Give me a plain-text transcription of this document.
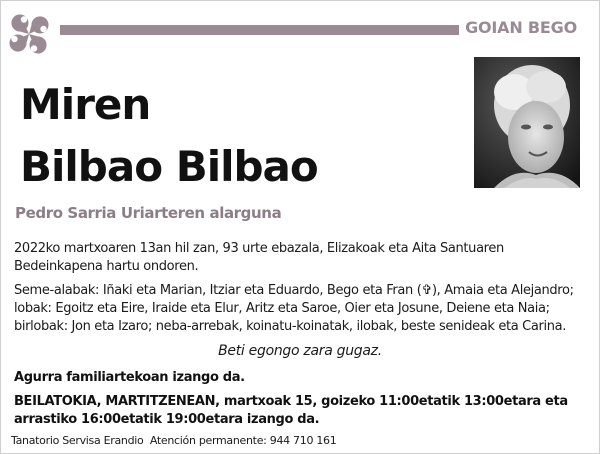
GOIAN BEGO
Miren
Bilbao Bilbao
Pedro Sarria Uriarteren alarguna
2022ko martxoaren 13an hil zan, 93 urte ebazala, Elizakoak eta Aita Santuaren Bedeinkapena hartu ondoren.
Seme-alabak: Iñaki eta Marian, Itziar eta Eduardo, Bego eta Fran (✞), Amaia eta Alejandro; lobak: Egoitz eta Eire, Iraide eta Elur, Aritz eta Saroe, Oier eta Josune, Deiene eta Naia; birlobak: Jon eta Izaro; neba-arrebak, koinatu-koinatak, ilobak, beste senideak eta Carina.
Beti egongo zara gugaz.
Agurra familiartekoan izango da.
BEILATOKIA, MARTITZENEAN, martxoak 15, goizeko 11:00etatik 13:00etara eta arrastiko 16:00etatik 19:00etara izango da.
Tanatorio Servisa Erandio  Atención permanente: 944 710 161
